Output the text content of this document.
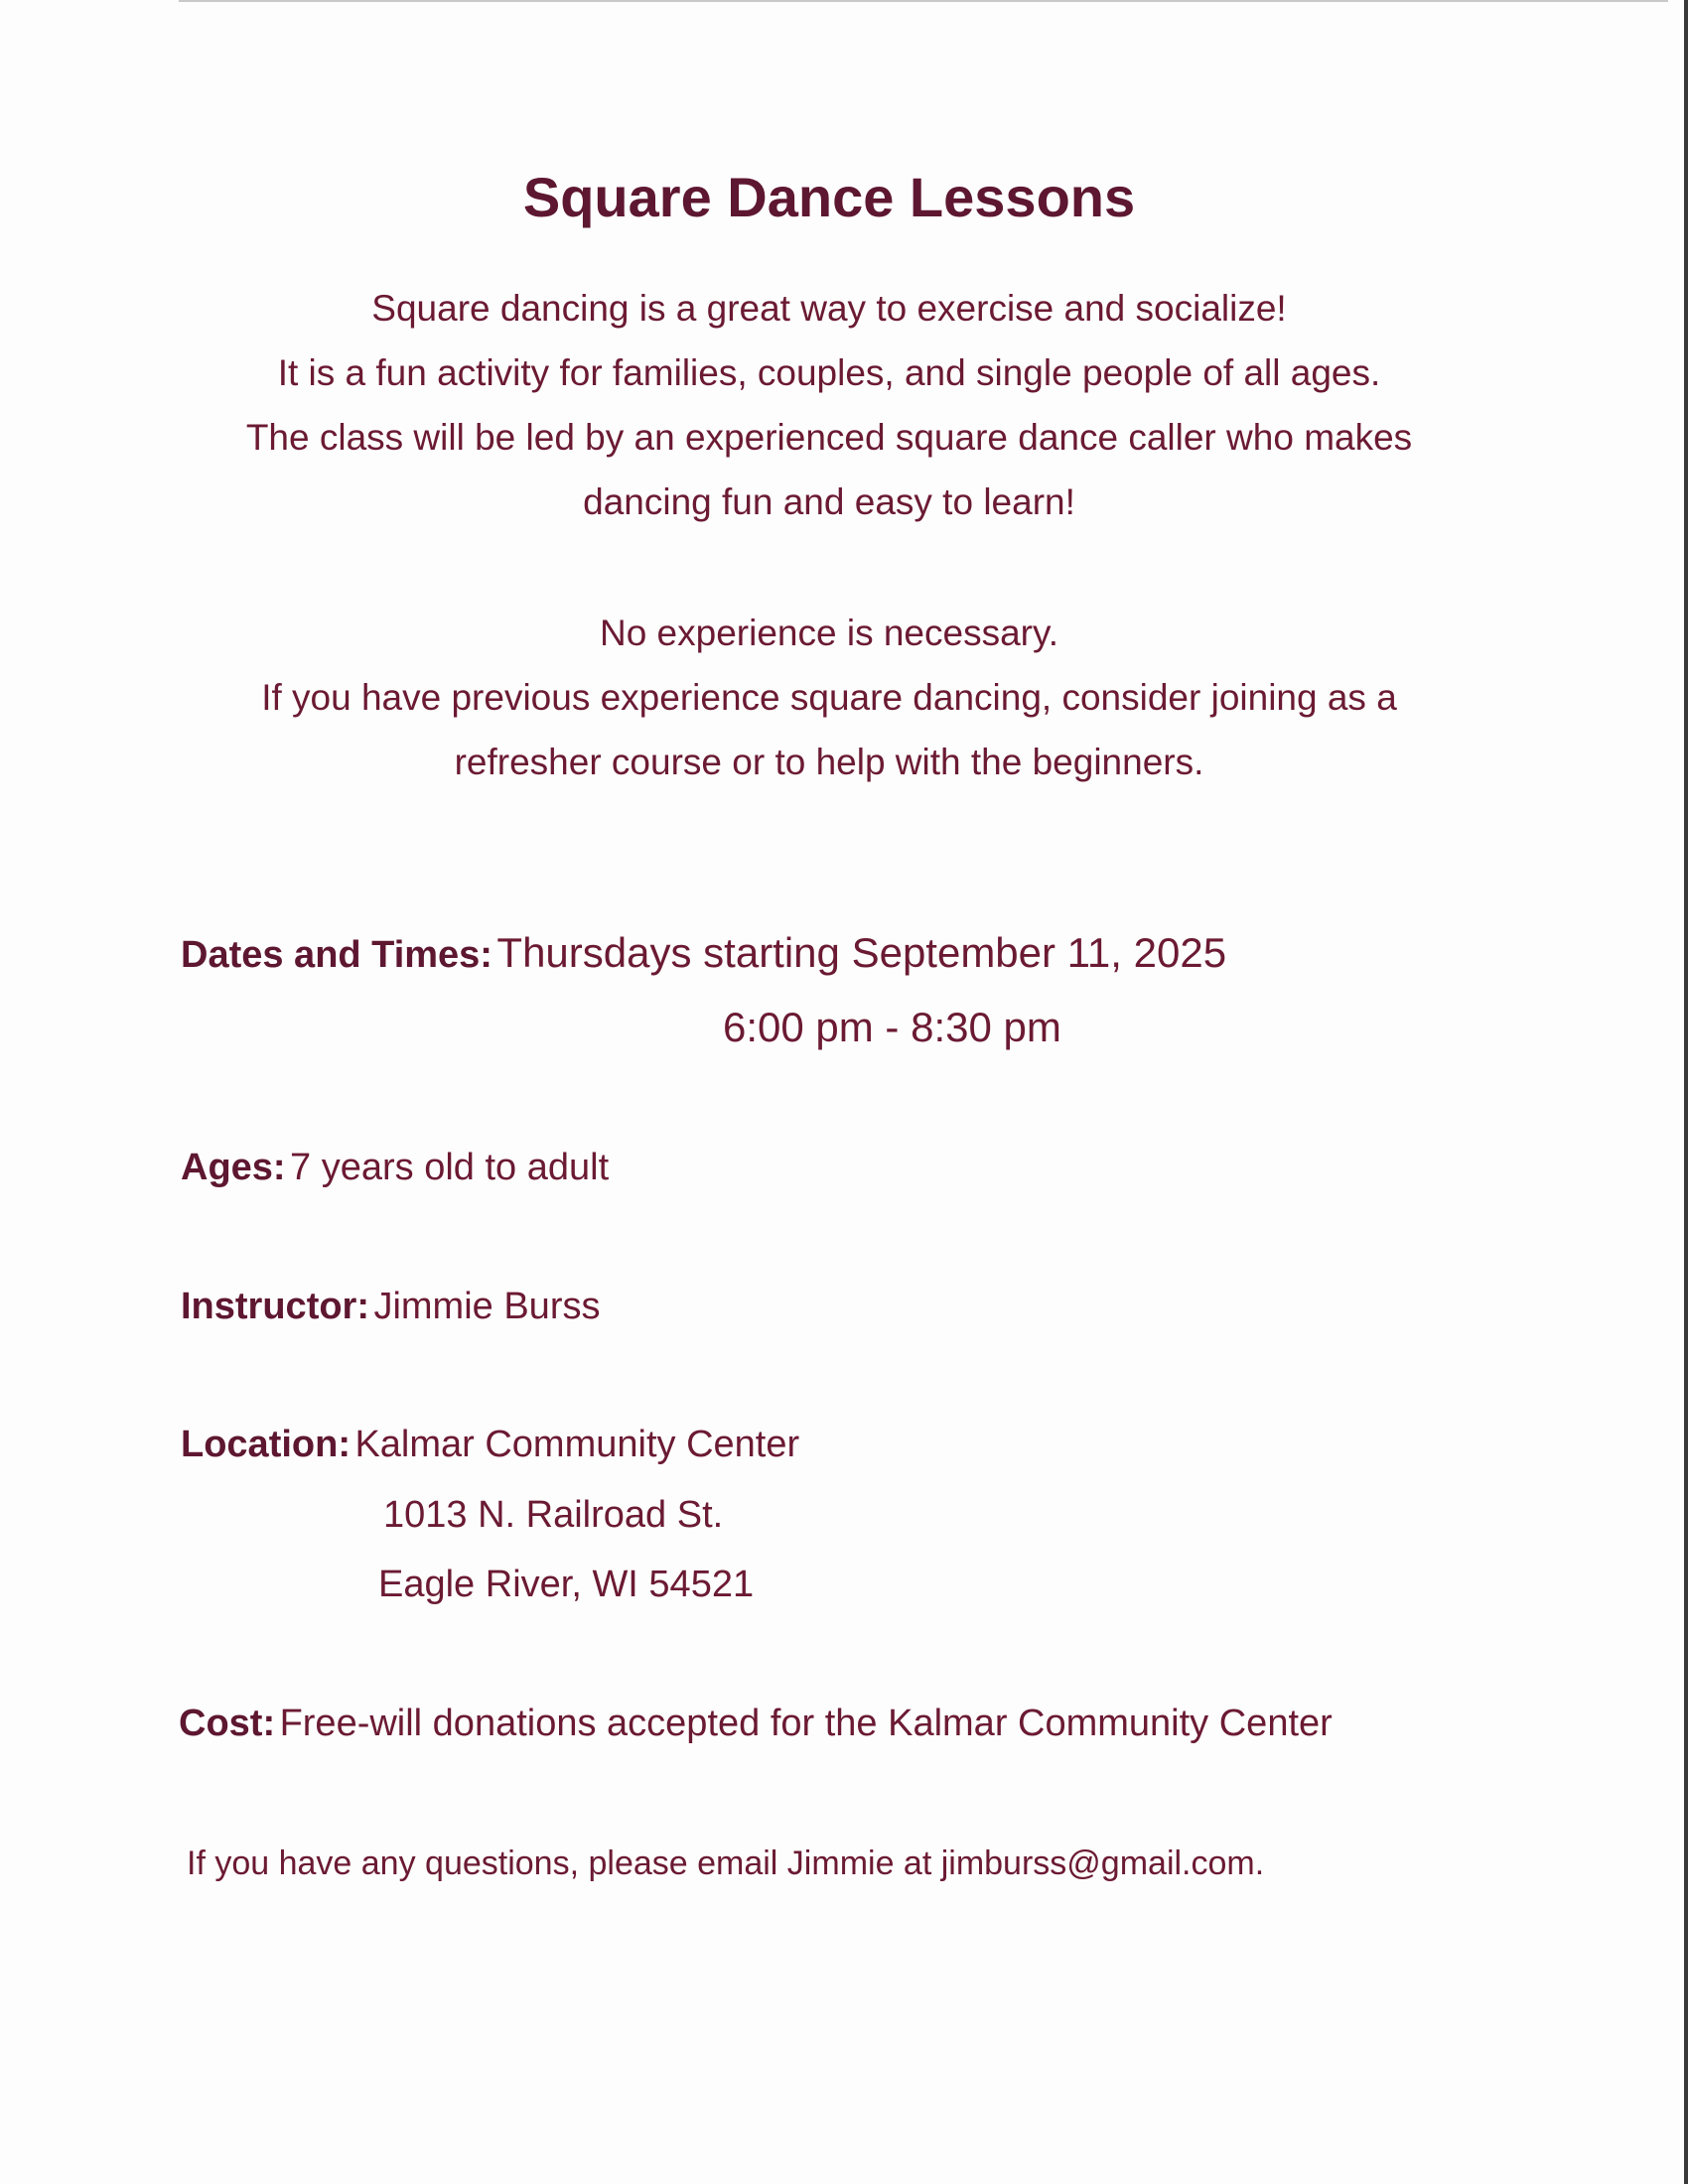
Square Dance Lessons
Square dancing is a great way to exercise and socialize!
It is a fun activity for families, couples, and single people of all ages.
The class will be led by an experienced square dance caller who makes
dancing fun and easy to learn!
No experience is necessary.
If you have previous experience square dancing, consider joining as a
refresher course or to help with the beginners.
Dates and Times: Thursdays starting September 11, 2025
6:00 pm - 8:30 pm
Ages: 7 years old to adult
Instructor: Jimmie Burss
Location: Kalmar Community Center
1013 N. Railroad St.
Eagle River, WI 54521
Cost: Free-will donations accepted for the Kalmar Community Center
If you have any questions, please email Jimmie at jimburss@gmail.com.
